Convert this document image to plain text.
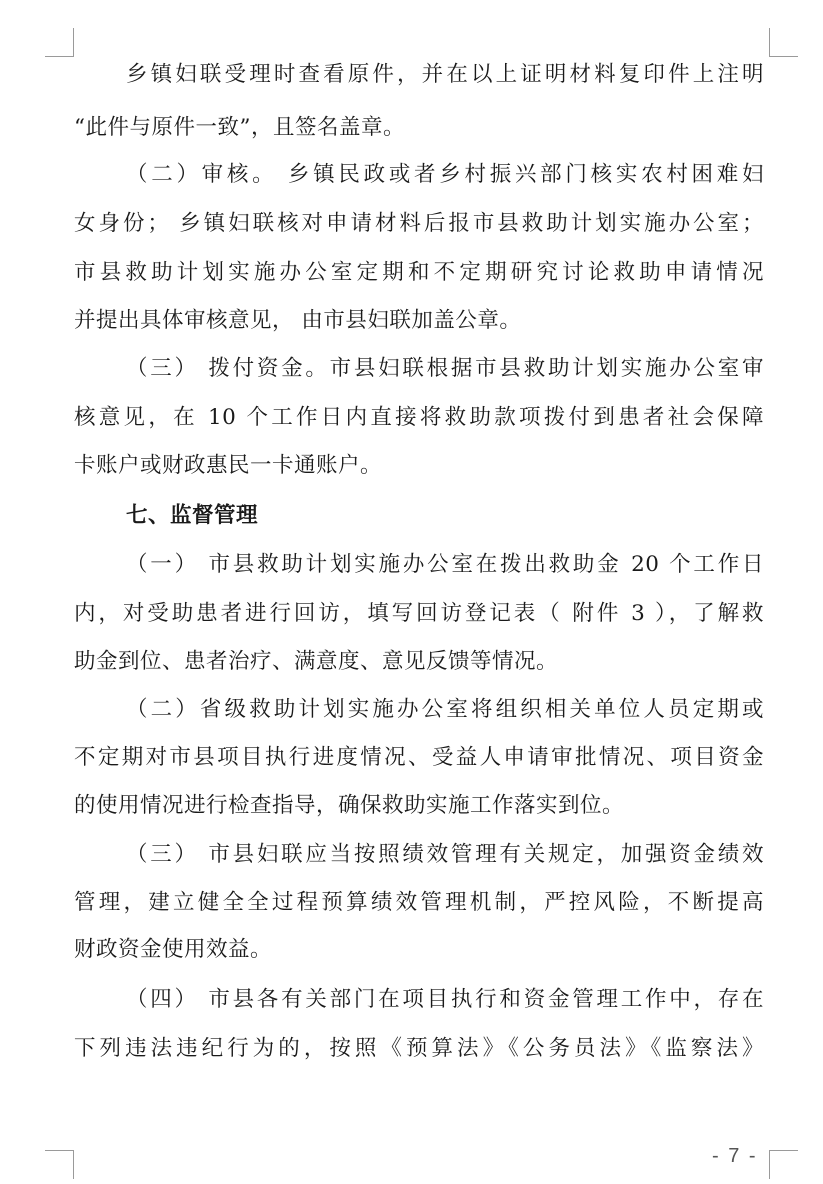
乡镇妇联受理时查看原件，并在以上证明材料复印件上注明
“此件与原件一致”，且签名盖章。
（二）审核。 乡镇民政或者乡村振兴部门核实农村困难妇
女身份； 乡镇妇联核对申请材料后报市县救助计划实施办公室；
市县救助计划实施办公室定期和不定期研究讨论救助申请情况
并提出具体审核意见， 由市县妇联加盖公章。
（三） 拨付资金。市县妇联根据市县救助计划实施办公室审
核意见，在 10 个工作日内直接将救助款项拨付到患者社会保障
卡账户或财政惠民一卡通账户。
七、监督管理
（一） 市县救助计划实施办公室在拨出救助金 20 个工作日
内，对受助患者进行回访，填写回访登记表（ 附件 3 ），了解救
助金到位、患者治疗、满意度、意见反馈等情况。
（二）省级救助计划实施办公室将组织相关单位人员定期或
不定期对市县项目执行进度情况、受益人申请审批情况、项目资金
的使用情况进行检查指导，确保救助实施工作落实到位。
（三） 市县妇联应当按照绩效管理有关规定，加强资金绩效
管理，建立健全全过程预算绩效管理机制，严控风险，不断提高
财政资金使用效益。
（四） 市县各有关部门在项目执行和资金管理工作中，存在
下列违法违纪行为的，按照《预算法》《公务员法》《监察法》
- 7 -
